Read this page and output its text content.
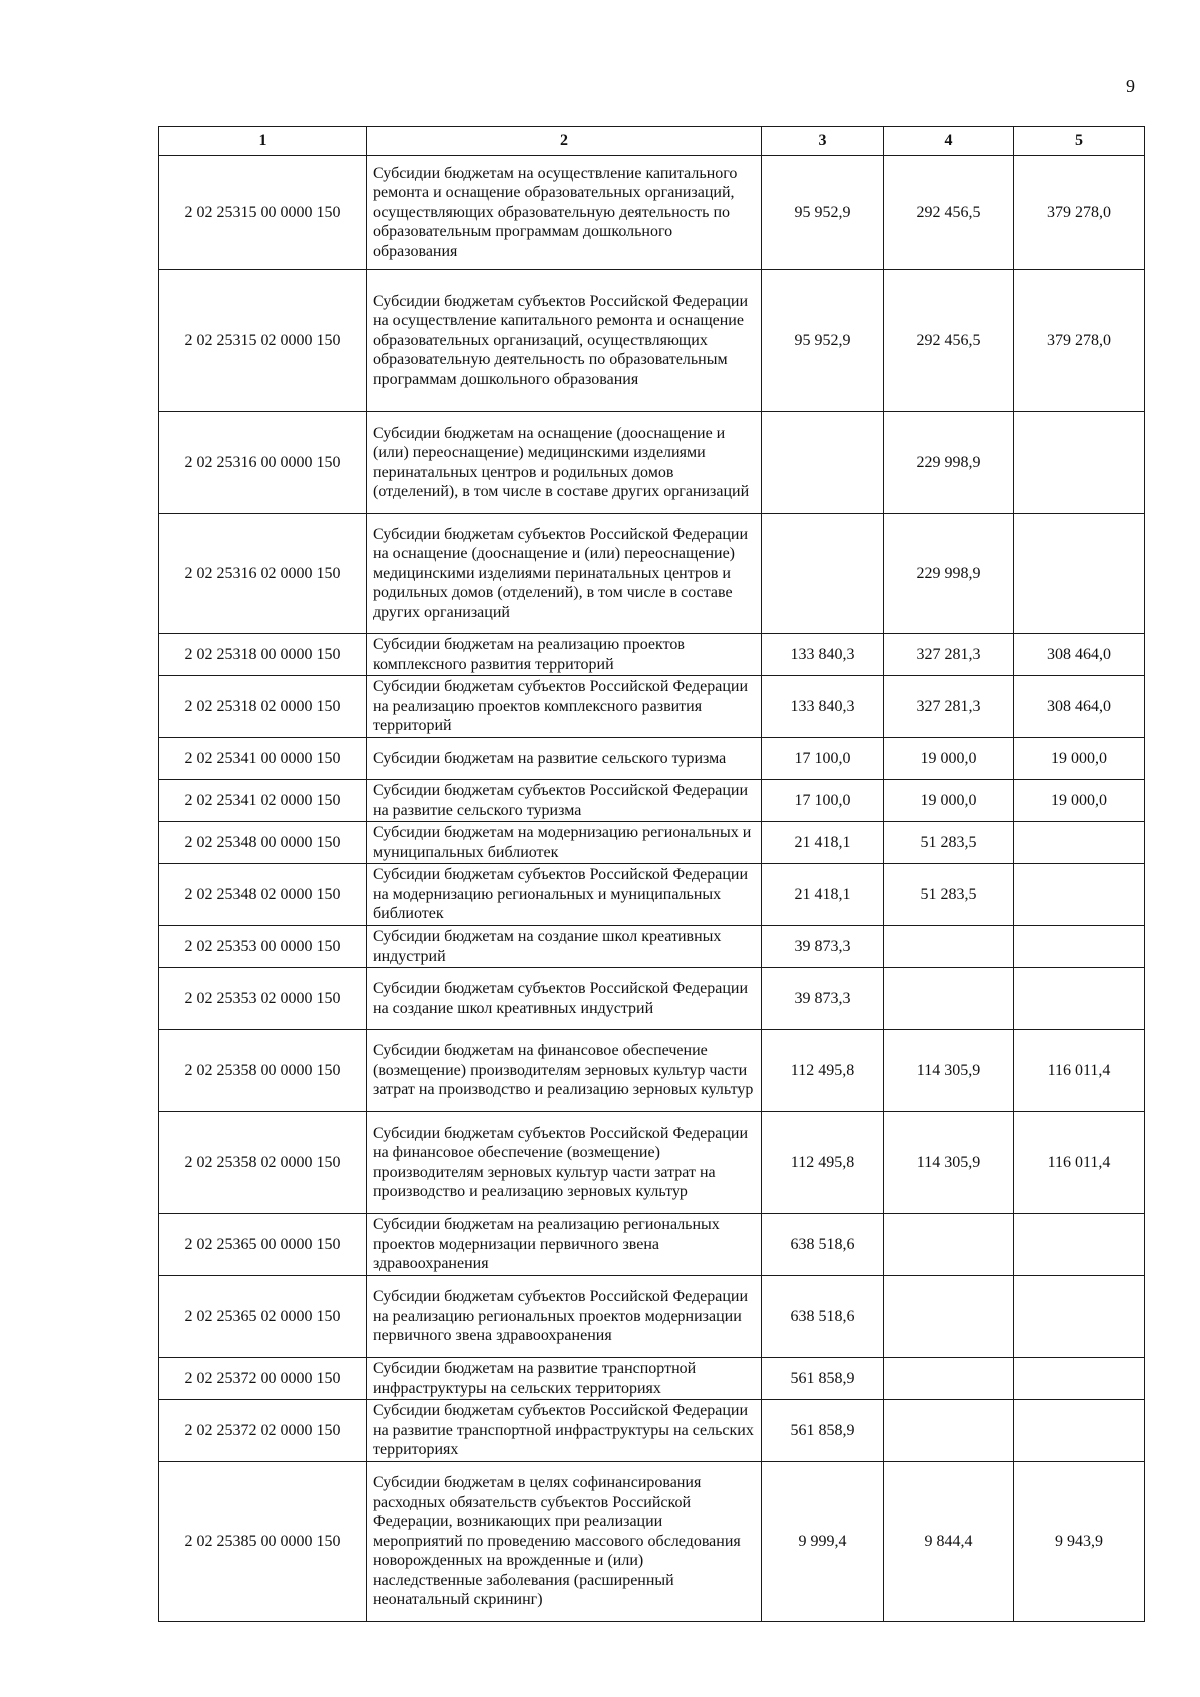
9
1	2	3	4	5
2 02 25315 00 0000 150	Субсидии бюджетам на осуществление капитального ремонта и оснащение образовательных организаций, осуществляющих образовательную деятельность по образовательным программам дошкольного образования	95 952,9	292 456,5	379 278,0
2 02 25315 02 0000 150	Субсидии бюджетам субъектов Российской Федерации на осуществление капитального ремонта и оснащение образовательных организаций, осуществляющих образовательную деятельность по образовательным программам дошкольного образования	95 952,9	292 456,5	379 278,0
2 02 25316 00 0000 150	Субсидии бюджетам на оснащение (дооснащение и (или) переоснащение) медицинскими изделиями перинатальных центров и родильных домов (отделений), в том числе в составе других организаций		229 998,9	
2 02 25316 02 0000 150	Субсидии бюджетам субъектов Российской Федерации на оснащение (дооснащение и (или) переоснащение) медицинскими изделиями перинатальных центров и родильных домов (отделений), в том числе в составе других организаций		229 998,9	
2 02 25318 00 0000 150	Субсидии бюджетам на реализацию проектов комплексного развития территорий	133 840,3	327 281,3	308 464,0
2 02 25318 02 0000 150	Субсидии бюджетам субъектов Российской Федерации на реализацию проектов комплексного развития территорий	133 840,3	327 281,3	308 464,0
2 02 25341 00 0000 150	Субсидии бюджетам на развитие сельского туризма	17 100,0	19 000,0	19 000,0
2 02 25341 02 0000 150	Субсидии бюджетам субъектов Российской Федерации на развитие сельского туризма	17 100,0	19 000,0	19 000,0
2 02 25348 00 0000 150	Субсидии бюджетам на модернизацию региональных и муниципальных библиотек	21 418,1	51 283,5	
2 02 25348 02 0000 150	Субсидии бюджетам субъектов Российской Федерации на модернизацию региональных и муниципальных библиотек	21 418,1	51 283,5	
2 02 25353 00 0000 150	Субсидии бюджетам на создание школ креативных индустрий	39 873,3		
2 02 25353 02 0000 150	Субсидии бюджетам субъектов Российской Федерации на создание школ креативных индустрий	39 873,3		
2 02 25358 00 0000 150	Субсидии бюджетам на финансовое обеспечение (возмещение) производителям зерновых культур части затрат на производство и реализацию зерновых культур	112 495,8	114 305,9	116 011,4
2 02 25358 02 0000 150	Субсидии бюджетам субъектов Российской Федерации на финансовое обеспечение (возмещение) производителям зерновых культур части затрат на производство и реализацию зерновых культур	112 495,8	114 305,9	116 011,4
2 02 25365 00 0000 150	Субсидии бюджетам на реализацию региональных проектов модернизации первичного звена здравоохранения	638 518,6		
2 02 25365 02 0000 150	Субсидии бюджетам субъектов Российской Федерации на реализацию региональных проектов модернизации первичного звена здравоохранения	638 518,6		
2 02 25372 00 0000 150	Субсидии бюджетам на развитие транспортной инфраструктуры на сельских территориях	561 858,9		
2 02 25372 02 0000 150	Субсидии бюджетам субъектов Российской Федерации на развитие транспортной инфраструктуры на сельских территориях	561 858,9		
2 02 25385 00 0000 150	Субсидии бюджетам в целях софинансирования расходных обязательств субъектов Российской Федерации, возникающих при реализации мероприятий по проведению массового обследования новорожденных на врожденные и (или) наследственные заболевания (расширенный неонатальный скрининг)	9 999,4	9 844,4	9 943,9
